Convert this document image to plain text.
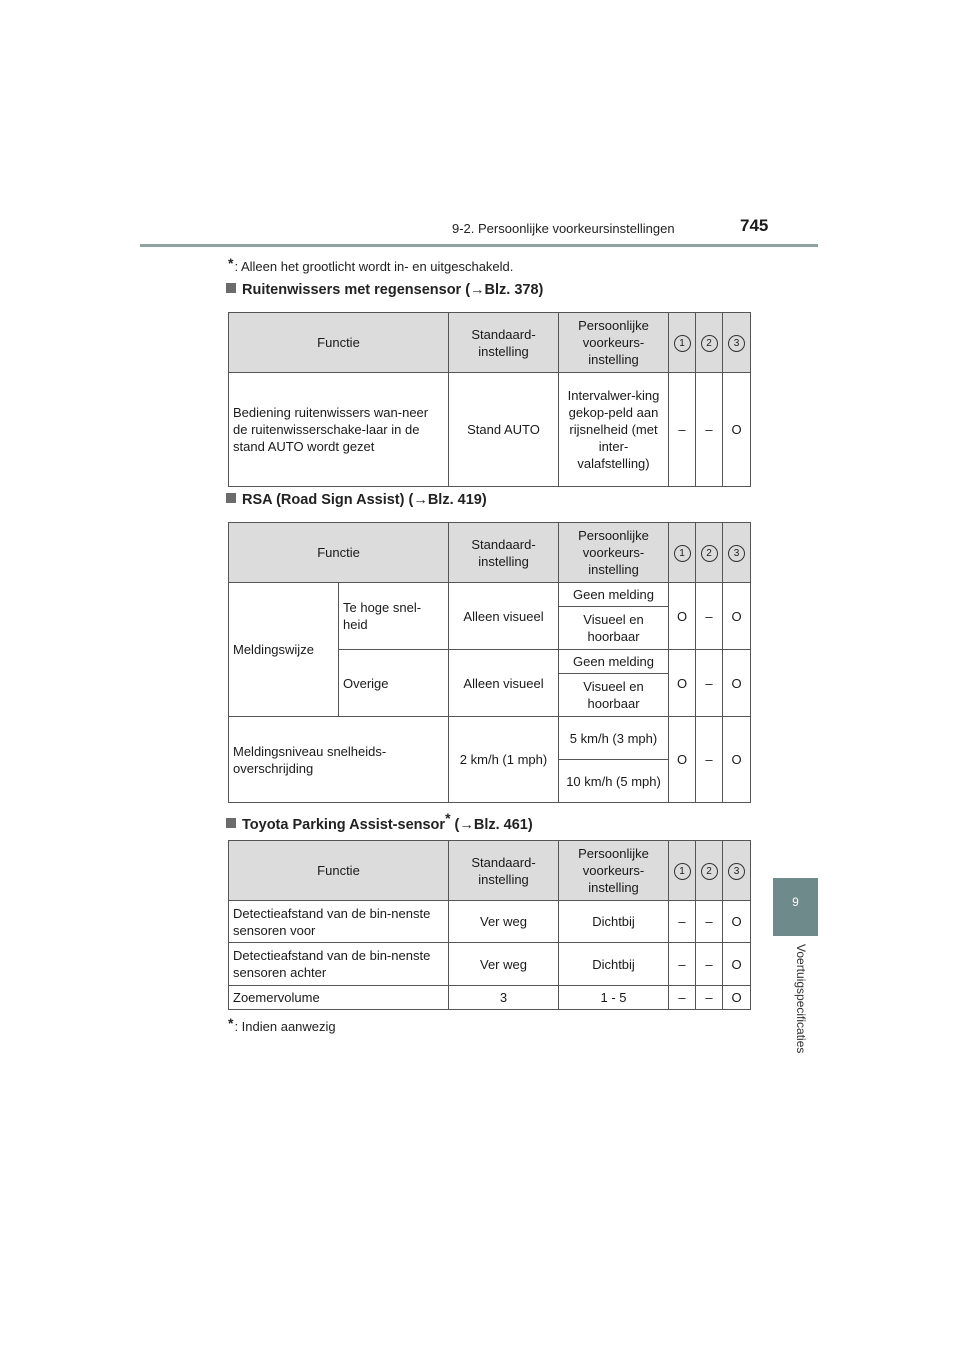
9-2. Persoonlijke voorkeursinstellingen	745
9
Voertuigspecificaties
*: Alleen het grootlicht wordt in- en uitgeschakeld.
Ruitenwissers met regensensor (→Blz. 378)
Functie	Standaard-instelling	Persoonlijke voorkeurs-instelling	1	2	3
Bediening ruitenwissers wan-neer de ruitenwisserschake-laar in de stand AUTO wordt gezet	Stand AUTO	Intervalwer-king gekop-peld aan rijsnelheid (met inter-valafstelling)	–	–	O
RSA (Road Sign Assist) (→Blz. 419)
Functie		Standaard-instelling	Persoonlijke voorkeurs-instelling	1	2	3
Meldingswijze	Te hoge snel-heid	Alleen visueel	Geen melding	O	–	O
			Visueel en hoorbaar			
	Overige	Alleen visueel	Geen melding	O	–	O
			Visueel en hoorbaar			
Meldingsniveau snelheids-overschrijding		2 km/h (1 mph)	5 km/h (3 mph)	O	–	O
			10 km/h (5 mph)			
Toyota Parking Assist-sensor* (→Blz. 461)
Functie	Standaard-instelling	Persoonlijke voorkeurs-instelling	1	2	3
Detectieafstand van de bin-nenste sensoren voor	Ver weg	Dichtbij	–	–	O
Detectieafstand van de bin-nenste sensoren achter	Ver weg	Dichtbij	–	–	O
Zoemervolume	3	1 - 5	–	–	O
*: Indien aanwezig
